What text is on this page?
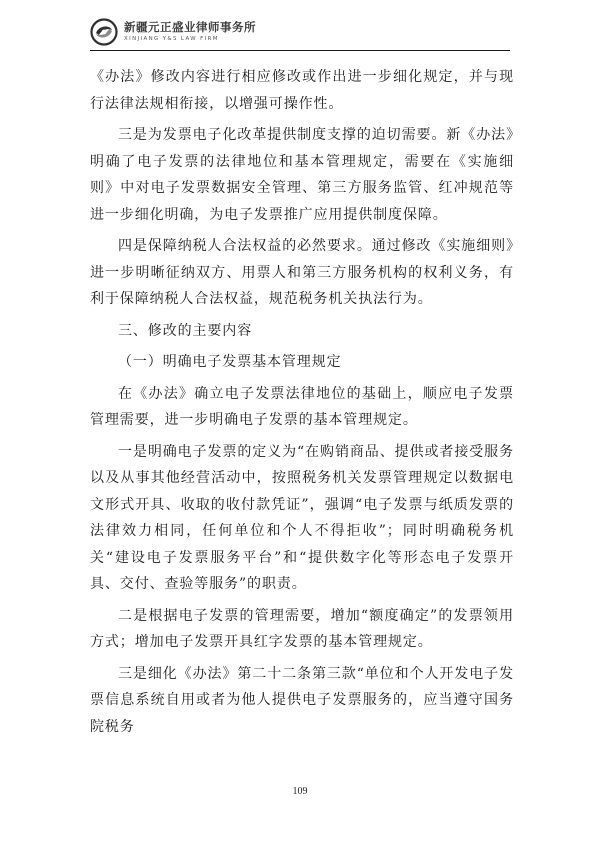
新疆元正盛业律师事务所
XINJIANG Y&S LAW FIRM

《办法》修改内容进行相应修改或作出进一步细化规定，并与现行法律法规相衔接，以增强可操作性。

三是为发票电子化改革提供制度支撑的迫切需要。新《办法》明确了电子发票的法律地位和基本管理规定，需要在《实施细则》中对电子发票数据安全管理、第三方服务监管、红冲规范等进一步细化明确，为电子发票推广应用提供制度保障。

四是保障纳税人合法权益的必然要求。通过修改《实施细则》进一步明晰征纳双方、用票人和第三方服务机构的权利义务，有利于保障纳税人合法权益，规范税务机关执法行为。

三、修改的主要内容

（一）明确电子发票基本管理规定

在《办法》确立电子发票法律地位的基础上，顺应电子发票管理需要，进一步明确电子发票的基本管理规定。

一是明确电子发票的定义为“在购销商品、提供或者接受服务以及从事其他经营活动中，按照税务机关发票管理规定以数据电文形式开具、收取的收付款凭证”，强调“电子发票与纸质发票的法律效力相同，任何单位和个人不得拒收”；同时明确税务机关“建设电子发票服务平台”和“提供数字化等形态电子发票开具、交付、查验等服务”的职责。

二是根据电子发票的管理需要，增加“额度确定”的发票领用方式；增加电子发票开具红字发票的基本管理规定。

三是细化《办法》第二十二条第三款“单位和个人开发电子发票信息系统自用或者为他人提供电子发票服务的，应当遵守国务院税务

109
